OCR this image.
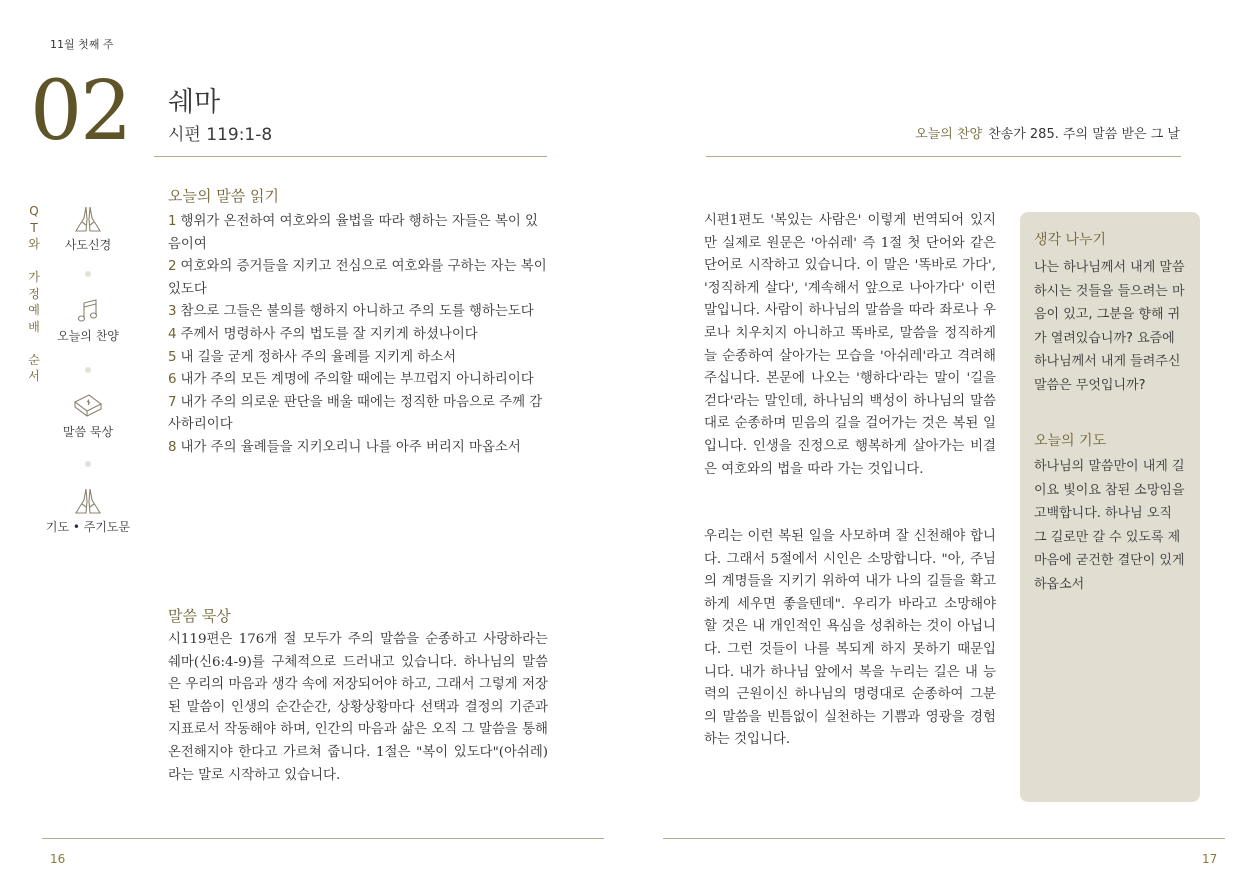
11월 첫째 주
02 쉐마
시편 119:1-8	오늘의 찬양 찬송가 285. 주의 말씀 받은 그 날
Q
T
와
가
정
예
배
순
서
사도신경
오늘의 찬양
말씀 묵상
기도 • 주기도문
오늘의 말씀 읽기
1 행위가 온전하여 여호와의 율법을 따라 행하는 자들은 복이 있음이여
2 여호와의 증거들을 지키고 전심으로 여호와를 구하는 자는 복이 있도다
3 참으로 그들은 불의를 행하지 아니하고 주의 도를 행하는도다
4 주께서 명령하사 주의 법도를 잘 지키게 하셨나이다
5 내 길을 굳게 정하사 주의 율례를 지키게 하소서
6 내가 주의 모든 계명에 주의할 때에는 부끄럽지 아니하리이다
7 내가 주의 의로운 판단을 배울 때에는 정직한 마음으로 주께 감사하리이다
8 내가 주의 율례들을 지키오리니 나를 아주 버리지 마옵소서
말씀 묵상
시119편은 176개 절 모두가 주의 말씀을 순종하고 사랑하라는 쉐마(신6:4-9)를 구체적으로 드러내고 있습니다. 하나님의 말씀은 우리의 마음과 생각 속에 저장되어야 하고, 그래서 그렇게 저장된 말씀이 인생의 순간순간, 상황상황마다 선택과 결정의 기준과 지표로서 작동해야 하며, 인간의 마음과 삶은 오직 그 말씀을 통해 온전해지야 한다고 가르쳐 줍니다. 1절은 "복이 있도다"(아쉬레)라는 말로 시작하고 있습니다.
시편1편도 '복있는 사람은' 이렇게 번역되어 있지만 실제로 원문은 '아쉬레' 즉 1절 첫 단어와 같은 단어로 시작하고 있습니다. 이 말은 '똑바로 가다', '정직하게 살다', '계속해서 앞으로 나아가다' 이런 말입니다. 사람이 하나님의 말씀을 따라 좌로나 우로나 치우치지 아니하고 똑바로, 말씀을 정직하게 늘 순종하여 살아가는 모습을 '아쉬레'라고 격려해 주십니다. 본문에 나오는 '행하다'라는 말이 '길을 걷다'라는 말인데, 하나님의 백성이 하나님의 말씀대로 순종하며 믿음의 길을 걸어가는 것은 복된 일입니다. 인생을 진정으로 행복하게 살아가는 비결은 여호와의 법을 따라 가는 것입니다.
우리는 이런 복된 일을 사모하며 잘 신천해야 합니다. 그래서 5절에서 시인은 소망합니다. "아, 주님의 계명들을 지키기 위하여 내가 나의 길들을 확고하게 세우면 좋을텐데". 우리가 바라고 소망해야 할 것은 내 개인적인 욕심을 성취하는 것이 아닙니다. 그런 것들이 나를 복되게 하지 못하기 때문입니다. 내가 하나님 앞에서 복을 누리는 길은 내 능력의 근원이신 하나님의 명령대로 순종하여 그분의 말씀을 빈틈없이 실천하는 기쁨과 영광을 경험하는 것입니다.
생각 나누기
나는 하나님께서 내게 말씀하시는 것들을 들으려는 마음이 있고, 그분을 향해 귀가 열려있습니까? 요즘에 하나님께서 내게 들려주신 말씀은 무엇입니까?
오늘의 기도
하나님의 말씀만이 내게 길이요 빛이요 참된 소망임을 고백합니다. 하나님 오직 그 길로만 갈 수 있도록 제 마음에 굳건한 결단이 있게 하옵소서
16	17
